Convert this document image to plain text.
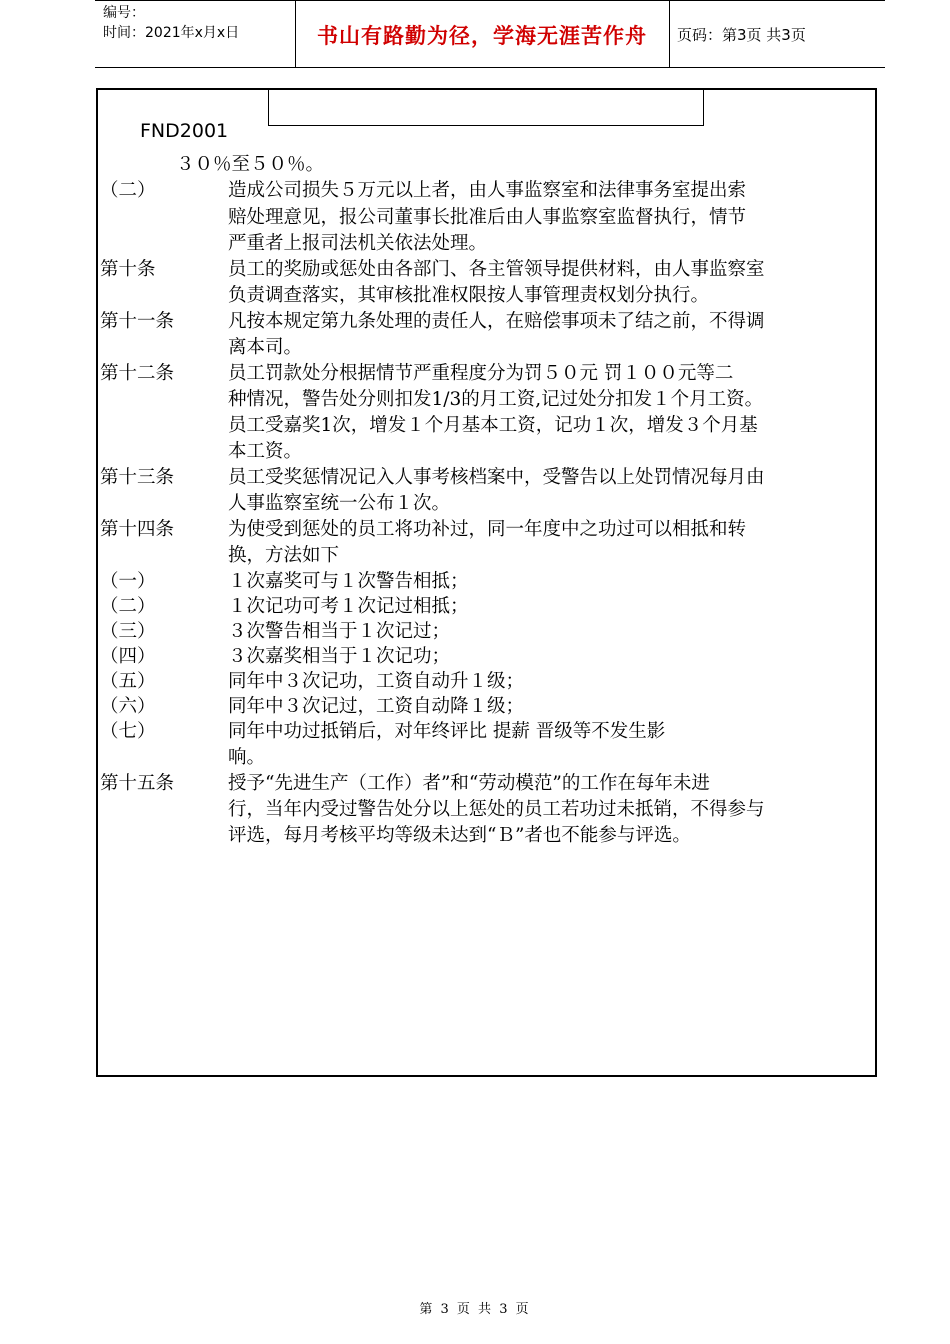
编号：
时间：2021年x月x日	书山有路勤为径，学海无涯苦作舟	页码：第3页 共3页
FND2001
３０％至５０％。
（二）	造成公司损失５万元以上者，由人事监察室和法律事务室提出索
赔处理意见，报公司董事长批准后由人事监察室监督执行，情节
严重者上报司法机关依法处理。
第十条	员工的奖励或惩处由各部门、各主管领导提供材料，由人事监察室
负责调查落实，其审核批准权限按人事管理责权划分执行。
第十一条	凡按本规定第九条处理的责任人，在赔偿事项未了结之前，不得调
离本司。
第十二条	员工罚款处分根据情节严重程度分为罚５０元 罚１００元等二
种情况，警告处分则扣发1/3的月工资,记过处分扣发１个月工资。
员工受嘉奖1次，增发１个月基本工资，记功１次，增发３个月基
本工资。
第十三条	员工受奖惩情况记入人事考核档案中，受警告以上处罚情况每月由
人事监察室统一公布１次。
第十四条	为使受到惩处的员工将功补过，同一年度中之功过可以相抵和转
换，方法如下
（一）	１次嘉奖可与１次警告相抵；
（二）	１次记功可考１次记过相抵；
（三）	３次警告相当于１次记过；
（四）	３次嘉奖相当于１次记功；
（五）	同年中３次记功，工资自动升１级；
（六）	同年中３次记过，工资自动降１级；
（七）	同年中功过抵销后，对年终评比 提薪 晋级等不发生影
响。
第十五条	授予“先进生产（工作）者”和“劳动模范”的工作在每年未进
行，当年内受过警告处分以上惩处的员工若功过未抵销，不得参与
评选，每月考核平均等级未达到“Ｂ”者也不能参与评选。
第 3 页 共 3 页
